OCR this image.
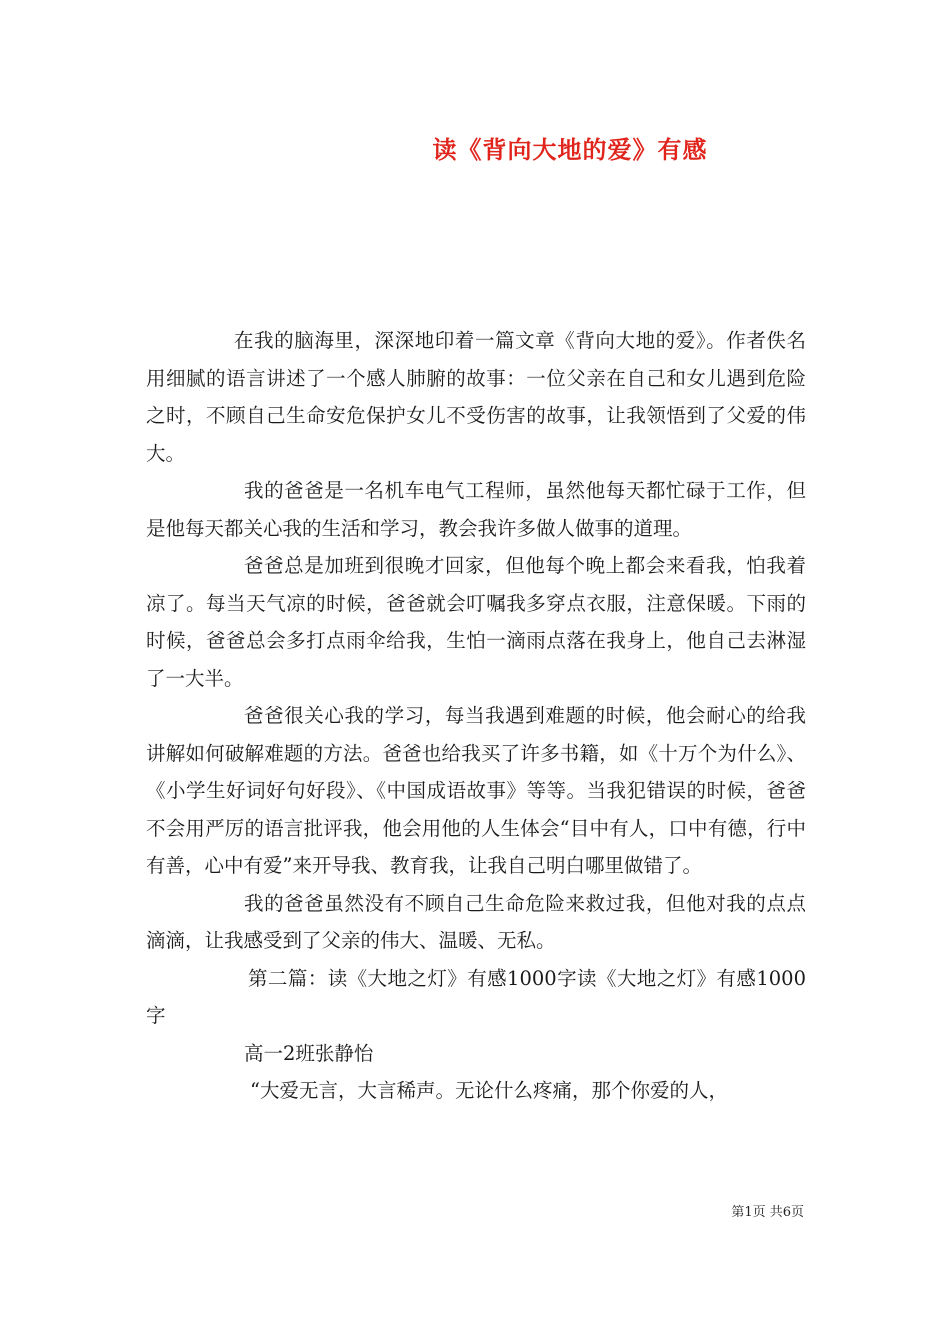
读《背向大地的爱》有感

在我的脑海里，深深地印着一篇文章《背向大地的爱》。作者佚名用细腻的语言讲述了一个感人肺腑的故事：一位父亲在自己和女儿遇到危险之时，不顾自己生命安危保护女儿不受伤害的故事，让我领悟到了父爱的伟大。

我的爸爸是一名机车电气工程师，虽然他每天都忙碌于工作，但是他每天都关心我的生活和学习，教会我许多做人做事的道理。

爸爸总是加班到很晚才回家，但他每个晚上都会来看我，怕我着凉了。每当天气凉的时候，爸爸就会叮嘱我多穿点衣服，注意保暖。下雨的时候，爸爸总会多打点雨伞给我，生怕一滴雨点落在我身上，他自己去淋湿了一大半。

爸爸很关心我的学习，每当我遇到难题的时候，他会耐心的给我讲解如何破解难题的方法。爸爸也给我买了许多书籍，如《十万个为什么》、《小学生好词好句好段》、《中国成语故事》等等。当我犯错误的时候，爸爸不会用严厉的语言批评我，他会用他的人生体会“目中有人，口中有德，行中有善，心中有爱”来开导我、教育我，让我自己明白哪里做错了。

我的爸爸虽然没有不顾自己生命危险来救过我，但他对我的点点滴滴，让我感受到了父亲的伟大、温暖、无私。

第二篇：读《大地之灯》有感1000字读《大地之灯》有感1000字

高一2班张静怡

“大爱无言，大言稀声。无论什么疼痛，那个你爱的人，

第1页 共6页
